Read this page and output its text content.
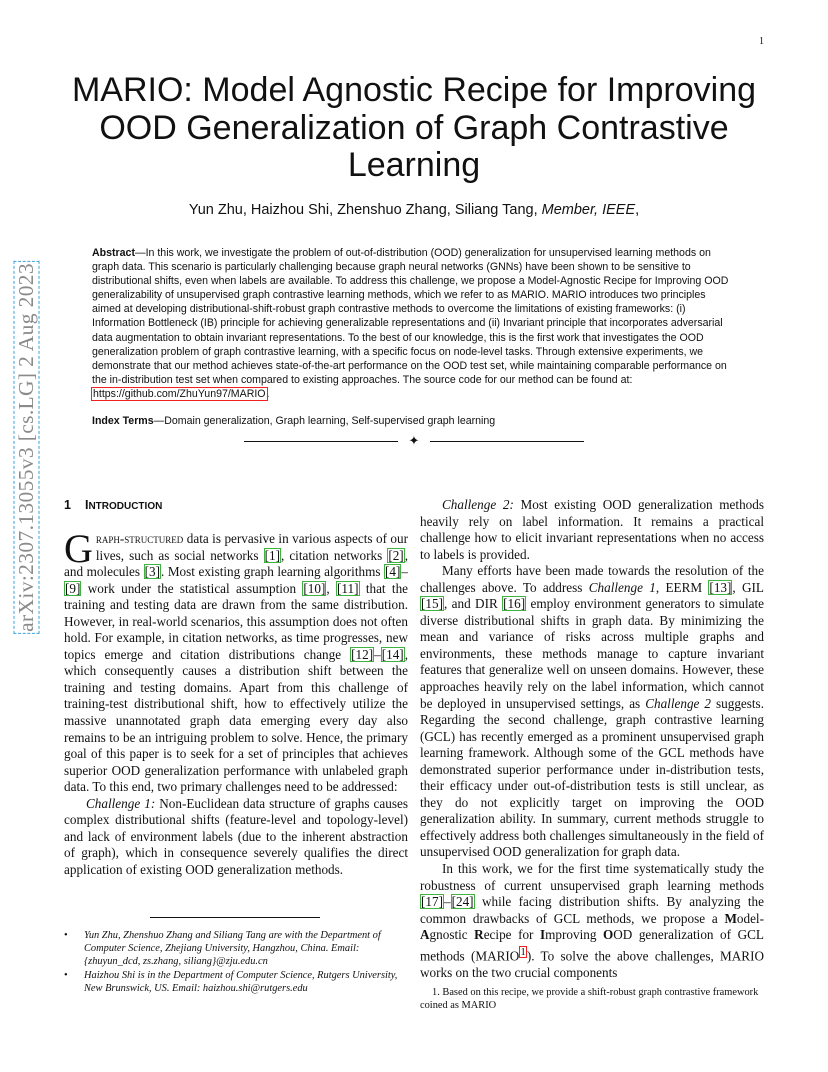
1
arXiv:2307.13055v3 [cs.LG] 2 Aug 2023
MARIO: Model Agnostic Recipe for Improving OOD Generalization of Graph Contrastive Learning
Yun Zhu, Haizhou Shi, Zhenshuo Zhang, Siliang Tang, Member, IEEE,

Abstract—In this work, we investigate the problem of out-of-distribution (OOD) generalization for unsupervised learning methods on graph data. This scenario is particularly challenging because graph neural networks (GNNs) have been shown to be sensitive to distributional shifts, even when labels are available. To address this challenge, we propose a Model-Agnostic Recipe for Improving OOD generalizability of unsupervised graph contrastive learning methods, which we refer to as MARIO. MARIO introduces two principles aimed at developing distributional-shift-robust graph contrastive methods to overcome the limitations of existing frameworks: (i) Information Bottleneck (IB) principle for achieving generalizable representations and (ii) Invariant principle that incorporates adversarial data augmentation to obtain invariant representations. To the best of our knowledge, this is the first work that investigates the OOD generalization problem of graph contrastive learning, with a specific focus on node-level tasks. Through extensive experiments, we demonstrate that our method achieves state-of-the-art performance on the OOD test set, while maintaining comparable performance on the in-distribution test set when compared to existing approaches. The source code for our method can be found at: https://github.com/ZhuYun97/MARIO.

Index Terms—Domain generalization, Graph learning, Self-supervised graph learning

✦
1 INTRODUCTION

Graph-structured data is pervasive in various aspects of our lives, such as social networks [1], citation networks [2], and molecules [3]. Most existing graph learning algorithms [4]–[9] work under the statistical assumption [10], [11] that the training and testing data are drawn from the same distribution. However, in real-world scenarios, this assumption does not often hold. For example, in citation networks, as time progresses, new topics emerge and citation distributions change [12]–[14], which consequently causes a distribution shift between the training and testing domains. Apart from this challenge of training-test distributional shift, how to effectively utilize the massive unannotated graph data emerging every day also remains to be an intriguing problem to solve. Hence, the primary goal of this paper is to seek for a set of principles that achieves superior OOD generalization performance with unlabeled graph data. To this end, two primary challenges need to be addressed:

Challenge 1: Non-Euclidean data structure of graphs causes complex distributional shifts (feature-level and topology-level) and lack of environment labels (due to the inherent abstraction of graph), which in consequence severely qualifies the direct application of existing OOD generalization methods.

Challenge 2: Most existing OOD generalization methods heavily rely on label information. It remains a practical challenge how to elicit invariant representations when no access to labels is provided.

Many efforts have been made towards the resolution of the challenges above. To address Challenge 1, EERM [13], GIL [15], and DIR [16] employ environment generators to simulate diverse distributional shifts in graph data. By minimizing the mean and variance of risks across multiple graphs and environments, these methods manage to capture invariant features that generalize well on unseen domains. However, these approaches heavily rely on the label information, which cannot be deployed in unsupervised settings, as Challenge 2 suggests. Regarding the second challenge, graph contrastive learning (GCL) has recently emerged as a prominent unsupervised graph learning framework. Although some of the GCL methods have demonstrated superior performance under in-distribution tests, their efficacy under out-of-distribution tests is still unclear, as they do not explicitly target on improving the OOD generalization ability. In summary, current methods struggle to effectively address both challenges simultaneously in the field of unsupervised OOD generalization for graph data.

In this work, we for the first time systematically study the robustness of current unsupervised graph learning methods [17]–[24] while facing distribution shifts. By analyzing the common drawbacks of GCL methods, we propose a Model-Agnostic Recipe for Improving OOD generalization of GCL methods (MARIO$^1$). To solve the above challenges, MARIO works on the two crucial components

• Yun Zhu, Zhenshuo Zhang and Siliang Tang are with the Department of Computer Science, Zhejiang University, Hangzhou, China. Email: {zhuyun_dcd, zs.zhang, siliang}@zju.edu.cn
• Haizhou Shi is in the Department of Computer Science, Rutgers University, New Brunswick, US. Email: haizhou.shi@rutgers.edu	1. Based on this recipe, we provide a shift-robust graph contrastive framework coined as MARIO
